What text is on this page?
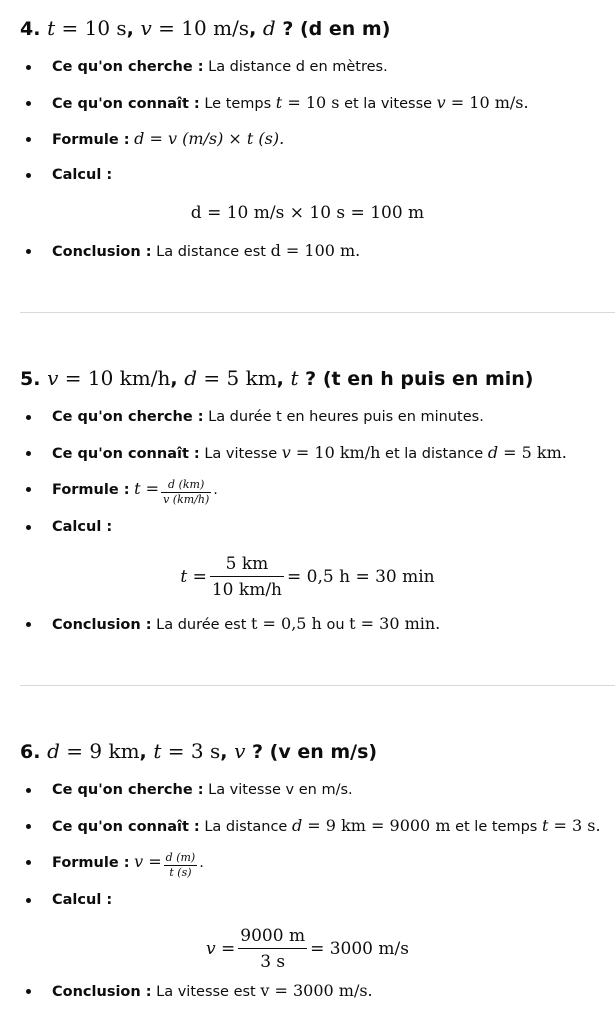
4. t = 10 s, v = 10 m/s, d ? (d en m)
Ce qu'on cherche : La distance d en mètres.
Ce qu'on connaît : Le temps t = 10 s et la vitesse v = 10 m/s.
Formule : d = v (m/s) × t (s).
Calcul :
d = 10 m/s × 10 s = 100 m
Conclusion : La distance est d = 100 m.
5. v = 10 km/h, d = 5 km, t ? (t en h puis en min)
Ce qu'on cherche : La durée t en heures puis en minutes.
Ce qu'on connaît : La vitesse v = 10 km/h et la distance d = 5 km.
Formule : $t = \frac{d (km)}{v (km/h)}$ .
Calcul :
$t = \frac{5 km}{10 km/h} = 0,5$ h = 30 min
Conclusion : La durée est t = 0,5 h ou t = 30 min.
6. d = 9 km, t = 3 s, v ? (v en m/s)
Ce qu'on cherche : La vitesse v en m/s.
Ce qu'on connaît : La distance d = 9 km = 9000 m et le temps t = 3 s.
Formule : $v = \frac{d (m)}{t (s)}$ .
Calcul :
$v = \frac{9000 m}{3 s} = 3000$ m/s
Conclusion : La vitesse est v = 3000 m/s.
